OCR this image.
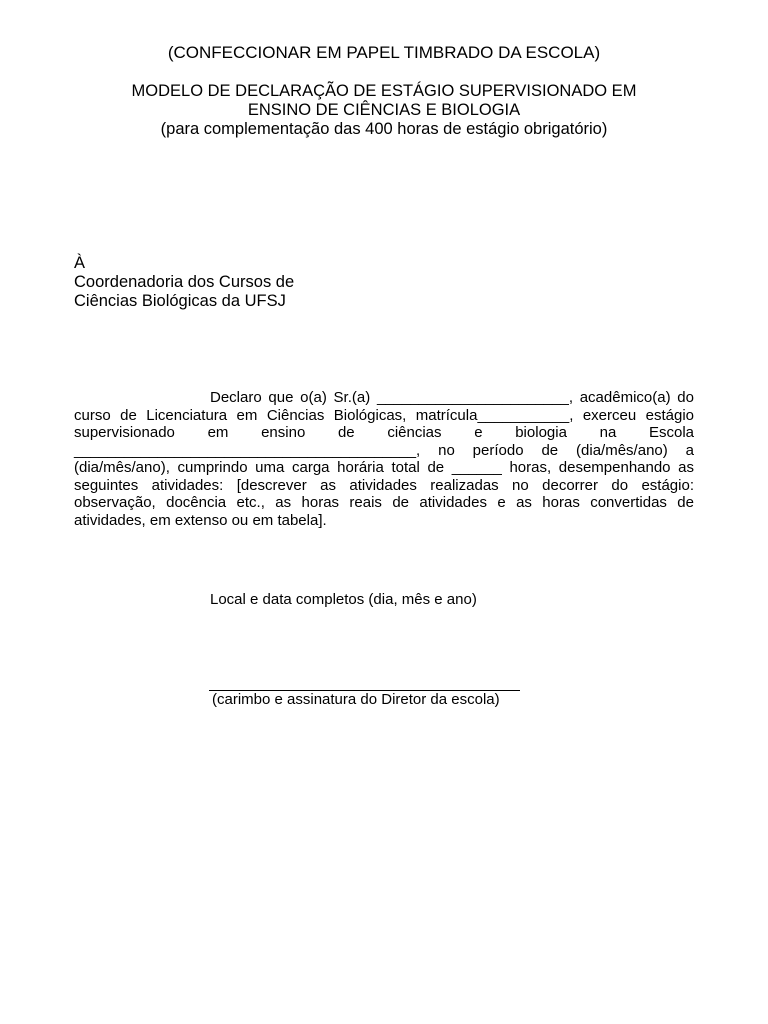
(CONFECCIONAR EM PAPEL TIMBRADO DA ESCOLA)
MODELO DE DECLARAÇÃO DE ESTÁGIO SUPERVISIONADO EM
ENSINO DE CIÊNCIAS E BIOLOGIA
(para complementação das 400 horas de estágio obrigatório)
À
Coordenadoria dos Cursos de
Ciências Biológicas da UFSJ
Declaro que o(a) Sr.(a) _______________________, acadêmico(a) do curso de Licenciatura em Ciências Biológicas, matrícula___________, exerceu estágio supervisionado em ensino de ciências e biologia na Escola _________________________________________, no período de (dia/mês/ano) a (dia/mês/ano), cumprindo uma carga horária total de ______ horas, desempenhando as seguintes atividades: [descrever as atividades realizadas no decorrer do estágio: observação, docência etc., as horas reais de atividades e as horas convertidas de atividades, em extenso ou em tabela].
Local e data completos (dia, mês e ano)
(carimbo e assinatura do Diretor da escola)
